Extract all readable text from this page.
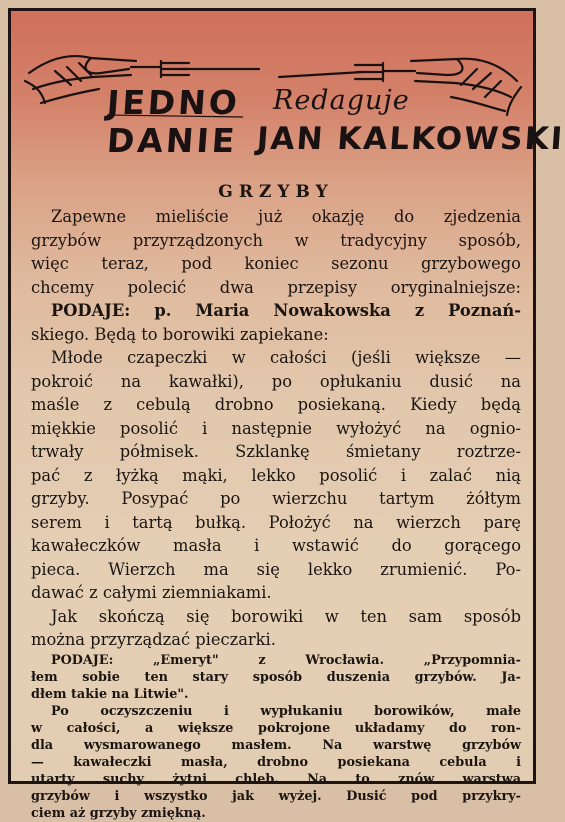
JEDNO Redaguje
DANIE JAN KALKOWSKI
GRZYBY
Zapewne mieliście już okazję do zjedzenia
grzybów przyrządzonych w tradycyjny sposób,
więc teraz, pod koniec sezonu grzybowego
chcemy polecić dwa przepisy oryginalniejsze:
PODAJE: p. Maria Nowakowska z Poznań-
skiego. Będą to borowiki zapiekane:
Młode czapeczki w całości (jeśli większe —
pokroić na kawałki), po opłukaniu dusić na
maśle z cebulą drobno posiekaną. Kiedy będą
miękkie posolić i następnie wyłożyć na ognio-
trwały półmisek. Szklankę śmietany roztrze-
pać z łyżką mąki, lekko posolić i zalać nią
grzyby. Posypać po wierzchu tartym żółtym
serem i tartą bułką. Położyć na wierzch parę
kawałeczków masła i wstawić do gorącego
pieca. Wierzch ma się lekko zrumienić. Po-
dawać z całymi ziemniakami.
Jak skończą się borowiki w ten sam sposób
można przyrządzać pieczarki.
PODAJE: „Emeryt" z Wrocławia. „Przypomnia-
łem sobie ten stary sposób duszenia grzybów. Ja-
dłem takie na Litwie".
Po oczyszczeniu i wypłukaniu borowików, małe
w całości, a większe pokrojone układamy do ron-
dla wysmarowanego masłem. Na warstwę grzybów
— kawałeczki masła, drobno posiekana cebula i
utarty suchy żytni chleb. Na to znów warstwa
grzybów i wszystko jak wyżej. Dusić pod przykry-
ciem aż grzyby zmiękną.
